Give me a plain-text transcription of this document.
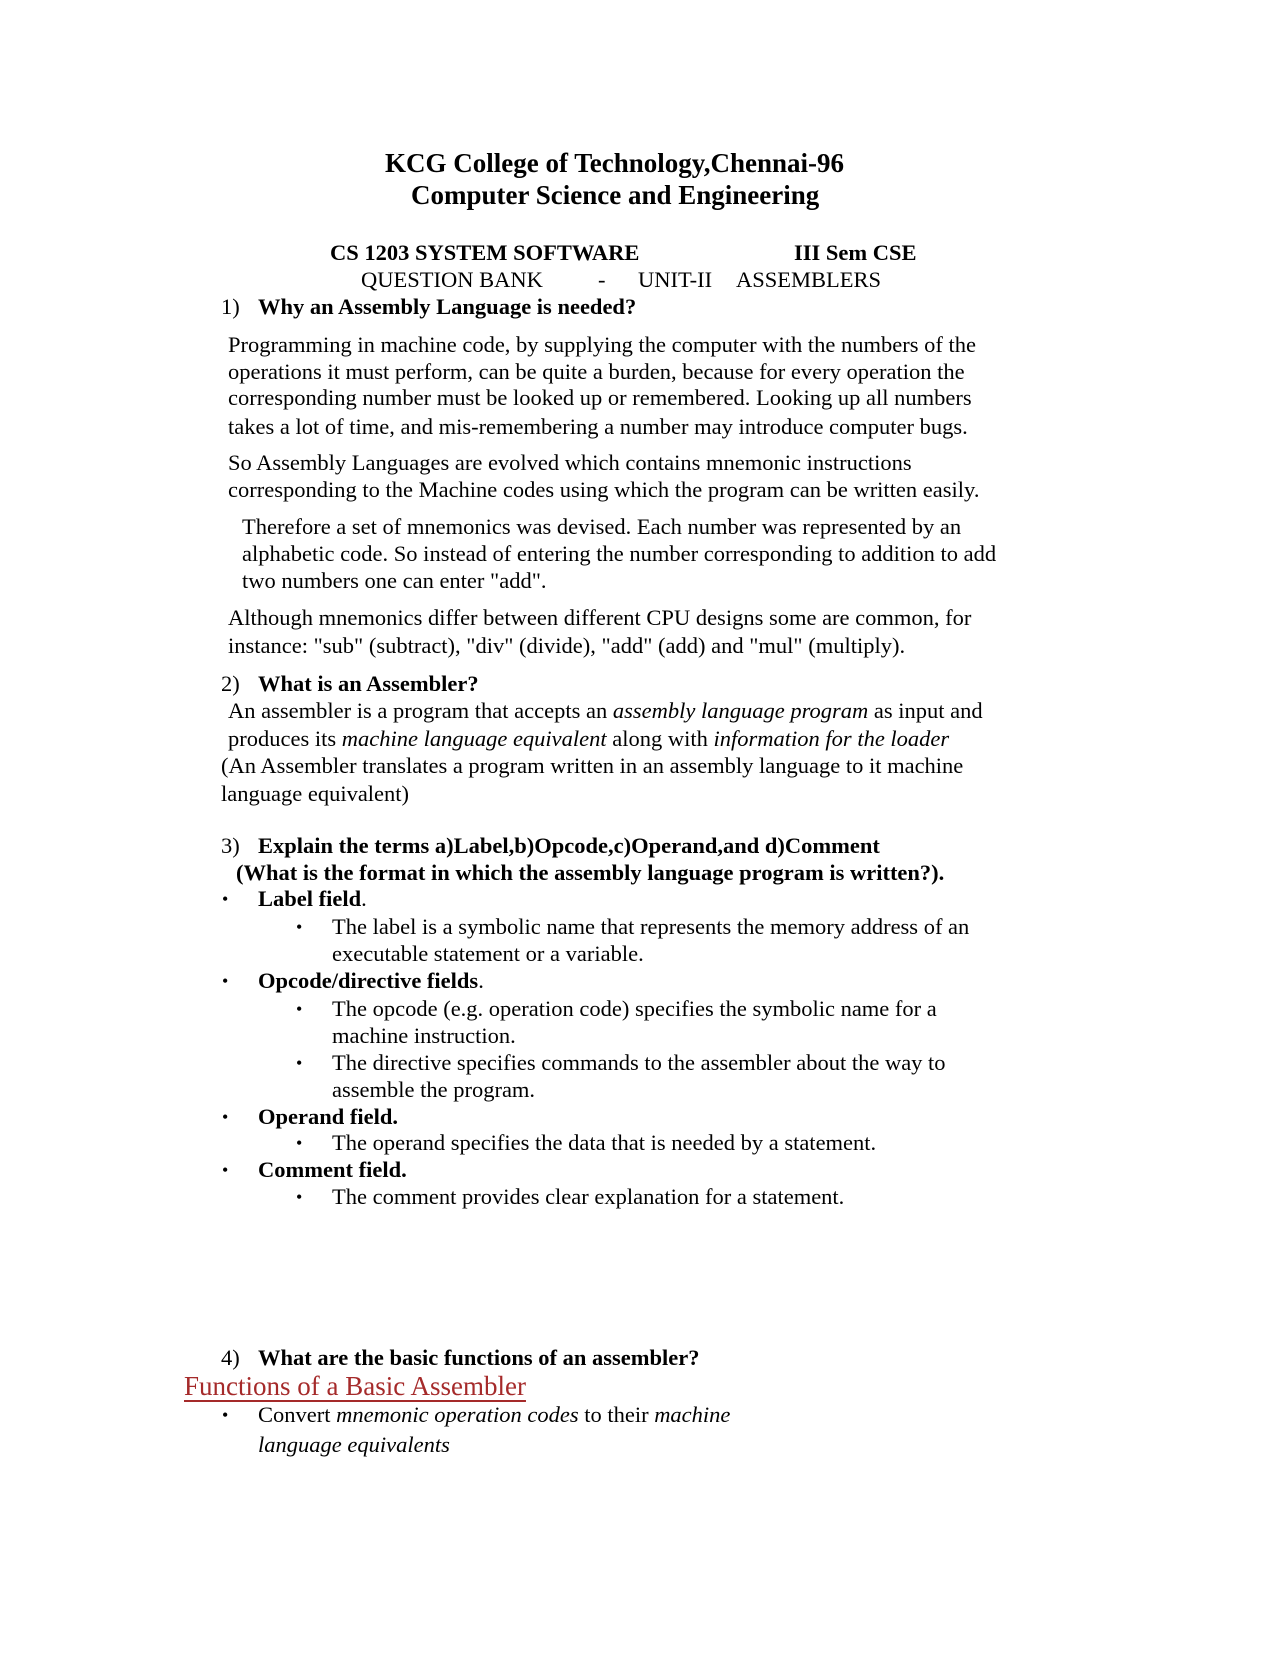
KCG College of Technology,Chennai-96
Computer Science and Engineering
CS 1203 SYSTEM SOFTWARE	III Sem CSE
QUESTION BANK - UNIT-II ASSEMBLERS
1) Why an Assembly Language is needed?
Programming in machine code, by supplying the computer with the numbers of the
operations it must perform, can be quite a burden, because for every operation the
corresponding number must be looked up or remembered. Looking up all numbers
takes a lot of time, and mis-remembering a number may introduce computer bugs.
So Assembly Languages are evolved which contains mnemonic instructions
corresponding to the Machine codes using which the program can be written easily.
Therefore a set of mnemonics was devised. Each number was represented by an
alphabetic code. So instead of entering the number corresponding to addition to add
two numbers one can enter "add".
Although mnemonics differ between different CPU designs some are common, for
instance: "sub" (subtract), "div" (divide), "add" (add) and "mul" (multiply).
2) What is an Assembler?
An assembler is a program that accepts an assembly language program as input and
produces its machine language equivalent along with information for the loader
(An Assembler translates a program written in an assembly language to it machine
language equivalent)
3) Explain the terms a)Label,b)Opcode,c)Operand,and d)Comment
(What is the format in which the assembly language program is written?).
• Label field.
• The label is a symbolic name that represents the memory address of an
executable statement or a variable.
• Opcode/directive fields.
• The opcode (e.g. operation code) specifies the symbolic name for a
machine instruction.
• The directive specifies commands to the assembler about the way to
assemble the program.
• Operand field.
• The operand specifies the data that is needed by a statement.
• Comment field.
• The comment provides clear explanation for a statement.
4) What are the basic functions of an assembler?
Functions of a Basic Assembler
• Convert mnemonic operation codes to their machine
language equivalents
